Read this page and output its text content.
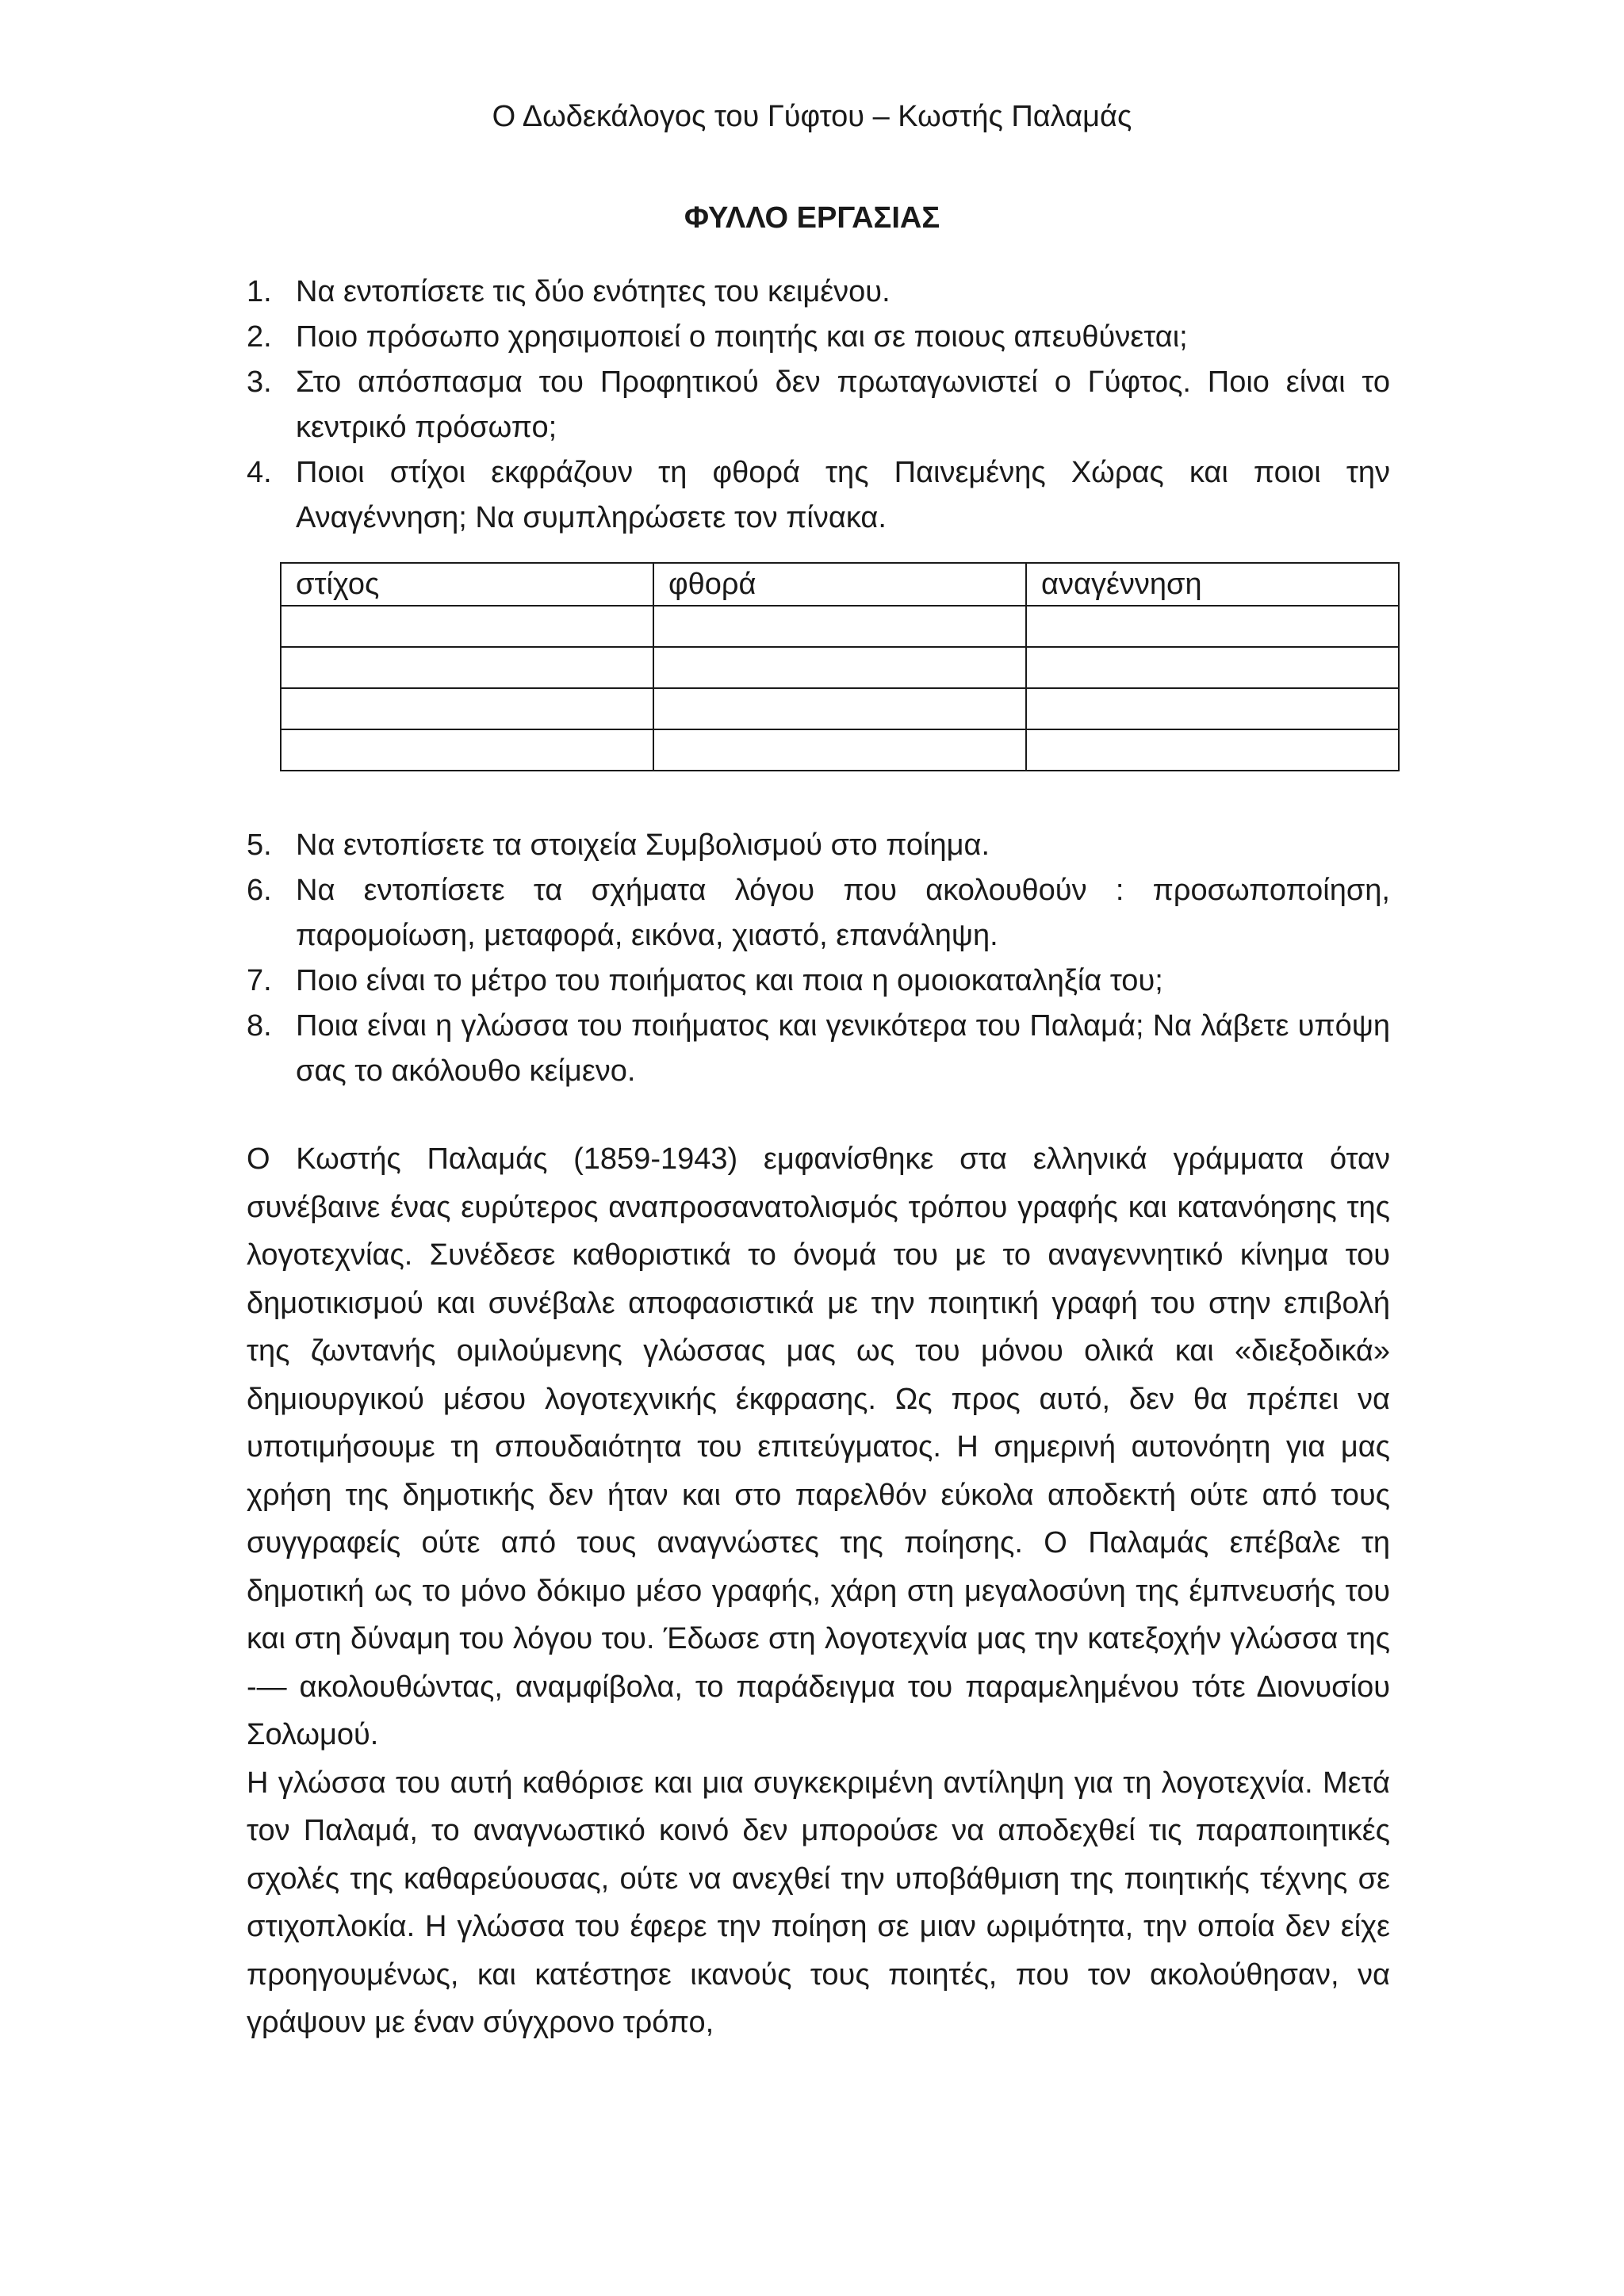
Ο Δωδεκάλογος του Γύφτου – Κωστής Παλαμάς
ΦΥΛΛΟ ΕΡΓΑΣΙΑΣ
1. Να εντοπίσετε τις δύο ενότητες του κειμένου.
2. Ποιο πρόσωπο χρησιμοποιεί ο ποιητής και σε ποιους απευθύνεται;
3. Στο απόσπασμα του Προφητικού δεν πρωταγωνιστεί ο Γύφτος. Ποιο είναι το κεντρικό πρόσωπο;
4. Ποιοι στίχοι εκφράζουν τη φθορά της Παινεμένης Χώρας και ποιοι την Αναγέννηση; Να συμπληρώσετε τον πίνακα.
στίχος	φθορά	αναγέννηση

5. Να εντοπίσετε τα στοιχεία Συμβολισμού στο ποίημα.
6. Να εντοπίσετε τα σχήματα λόγου που ακολουθούν : προσωποποίηση, παρομοίωση, μεταφορά, εικόνα, χιαστό, επανάληψη.
7. Ποιο είναι το μέτρο του ποιήματος και ποια η ομοιοκαταληξία του;
8. Ποια είναι η γλώσσα του ποιήματος και γενικότερα του Παλαμά; Να λάβετε υπόψη σας το ακόλουθο κείμενο.

Ο Κωστής Παλαμάς (1859-1943) εμφανίσθηκε στα ελληνικά γράμματα όταν συνέβαινε ένας ευρύτερος αναπροσανατολισμός τρόπου γραφής και κατανόησης της λογοτεχνίας. Συνέδεσε καθοριστικά το όνομά του με το αναγεννητικό κίνημα του δημοτικισμού και συνέβαλε αποφασιστικά με την ποιητική γραφή του στην επιβολή της ζωντανής ομιλούμενης γλώσσας μας ως του μόνου ολικά και «διεξοδικά» δημιουργικού μέσου λογοτεχνικής έκφρασης. Ως προς αυτό, δεν θα πρέπει να υποτιμήσουμε τη σπουδαιότητα του επιτεύγματος. Η σημερινή αυτονόητη για μας χρήση της δημοτικής δεν ήταν και στο παρελθόν εύκολα αποδεκτή ούτε από τους συγγραφείς ούτε από τους αναγνώστες της ποίησης. Ο Παλαμάς επέβαλε τη δημοτική ως το μόνο δόκιμο μέσο γραφής, χάρη στη μεγαλοσύνη της έμπνευσής του και στη δύναμη του λόγου του. Έδωσε στη λογοτεχνία μας την κατεξοχήν γλώσσα της -— ακολουθώντας, αναμφίβολα, το παράδειγμα του παραμελημένου τότε Διονυσίου Σολωμού.

Η γλώσσα του αυτή καθόρισε και μια συγκεκριμένη αντίληψη για τη λογοτεχνία. Μετά τον Παλαμά, το αναγνωστικό κοινό δεν μπορούσε να αποδεχθεί τις παραποιητικές σχολές της καθαρεύουσας, ούτε να ανεχθεί την υποβάθμιση της ποιητικής τέχνης σε στιχοπλοκία. Η γλώσσα του έφερε την ποίηση σε μιαν ωριμότητα, την οποία δεν είχε προηγουμένως, και κατέστησε ικανούς τους ποιητές, που τον ακολούθησαν, να γράψουν με έναν σύγχρονο τρόπο,
